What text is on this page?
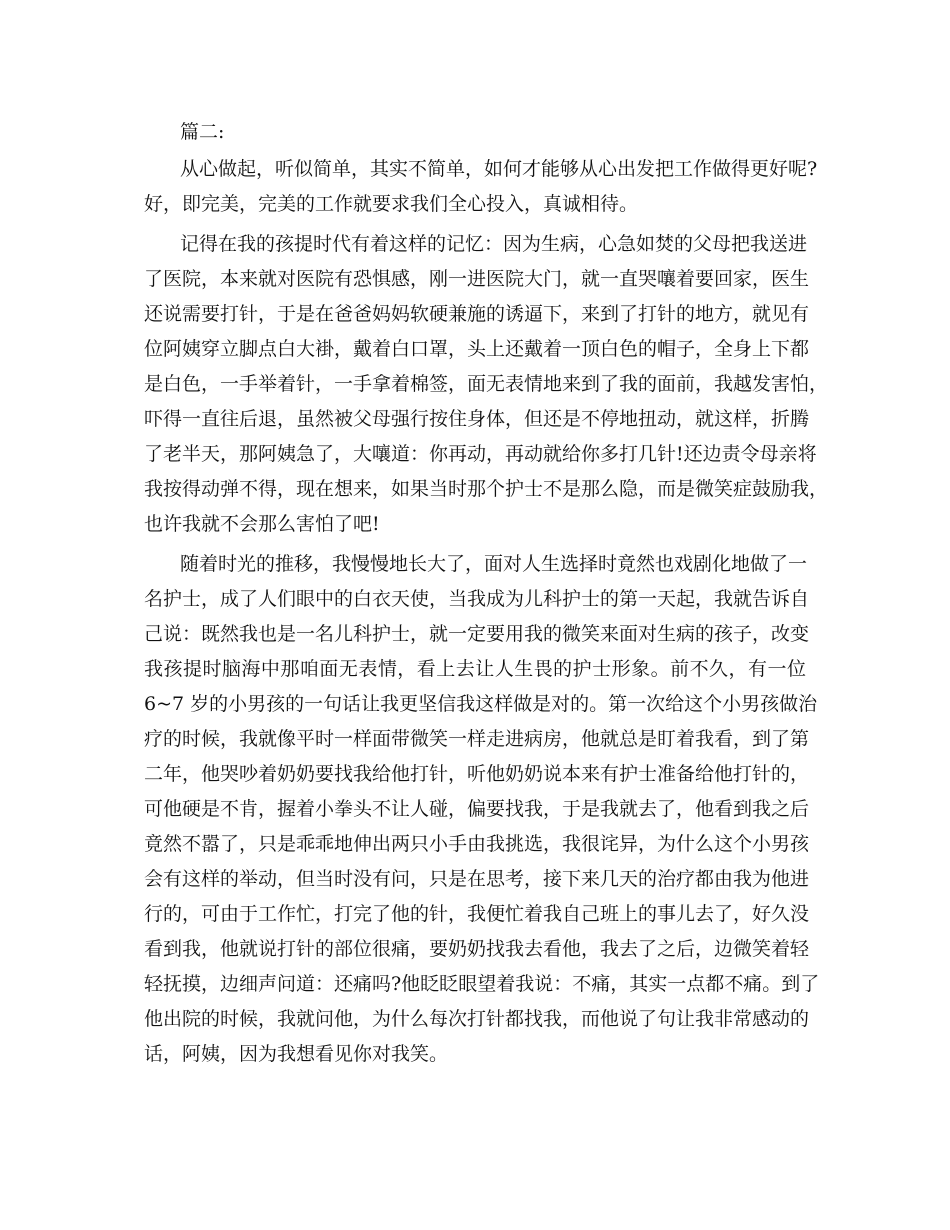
篇二:
从心做起，听似简单，其实不简单，如何才能够从心出发把工作做得更好呢?
好，即完美，完美的工作就要求我们全心投入，真诚相待。
记得在我的孩提时代有着这样的记忆：因为生病，心急如焚的父母把我送进
了医院，本来就对医院有恐惧感，刚一进医院大门，就一直哭嚷着要回家，医生
还说需要打针，于是在爸爸妈妈软硬兼施的诱逼下，来到了打针的地方，就见有
位阿姨穿立脚点白大褂，戴着白口罩，头上还戴着一顶白色的帽子，全身上下都
是白色，一手举着针，一手拿着棉签，面无表情地来到了我的面前，我越发害怕，
吓得一直往后退，虽然被父母强行按住身体，但还是不停地扭动，就这样，折腾
了老半天，那阿姨急了，大嚷道：你再动，再动就给你多打几针!还边责令母亲将
我按得动弹不得，现在想来，如果当时那个护士不是那么隐，而是微笑症鼓励我，
也许我就不会那么害怕了吧!
随着时光的推移，我慢慢地长大了，面对人生选择时竟然也戏剧化地做了一
名护士，成了人们眼中的白衣天使，当我成为儿科护士的第一天起，我就告诉自
己说：既然我也是一名儿科护士，就一定要用我的微笑来面对生病的孩子，改变
我孩提时脑海中那咱面无表情，看上去让人生畏的护士形象。前不久，有一位
6~7 岁的小男孩的一句话让我更坚信我这样做是对的。第一次给这个小男孩做治
疗的时候，我就像平时一样面带微笑一样走进病房，他就总是盯着我看，到了第
二年，他哭吵着奶奶要找我给他打针，听他奶奶说本来有护士准备给他打针的，
可他硬是不肯，握着小拳头不让人碰，偏要找我，于是我就去了，他看到我之后
竟然不嚣了，只是乖乖地伸出两只小手由我挑选，我很诧异，为什么这个小男孩
会有这样的举动，但当时没有问，只是在思考，接下来几天的治疗都由我为他进
行的，可由于工作忙，打完了他的针，我便忙着我自己班上的事儿去了，好久没
看到我，他就说打针的部位很痛，要奶奶找我去看他，我去了之后，边微笑着轻
轻抚摸，边细声问道：还痛吗?他眨眨眼望着我说：不痛，其实一点都不痛。到了
他出院的时候，我就问他，为什么每次打针都找我，而他说了句让我非常感动的
话，阿姨，因为我想看见你对我笑。
